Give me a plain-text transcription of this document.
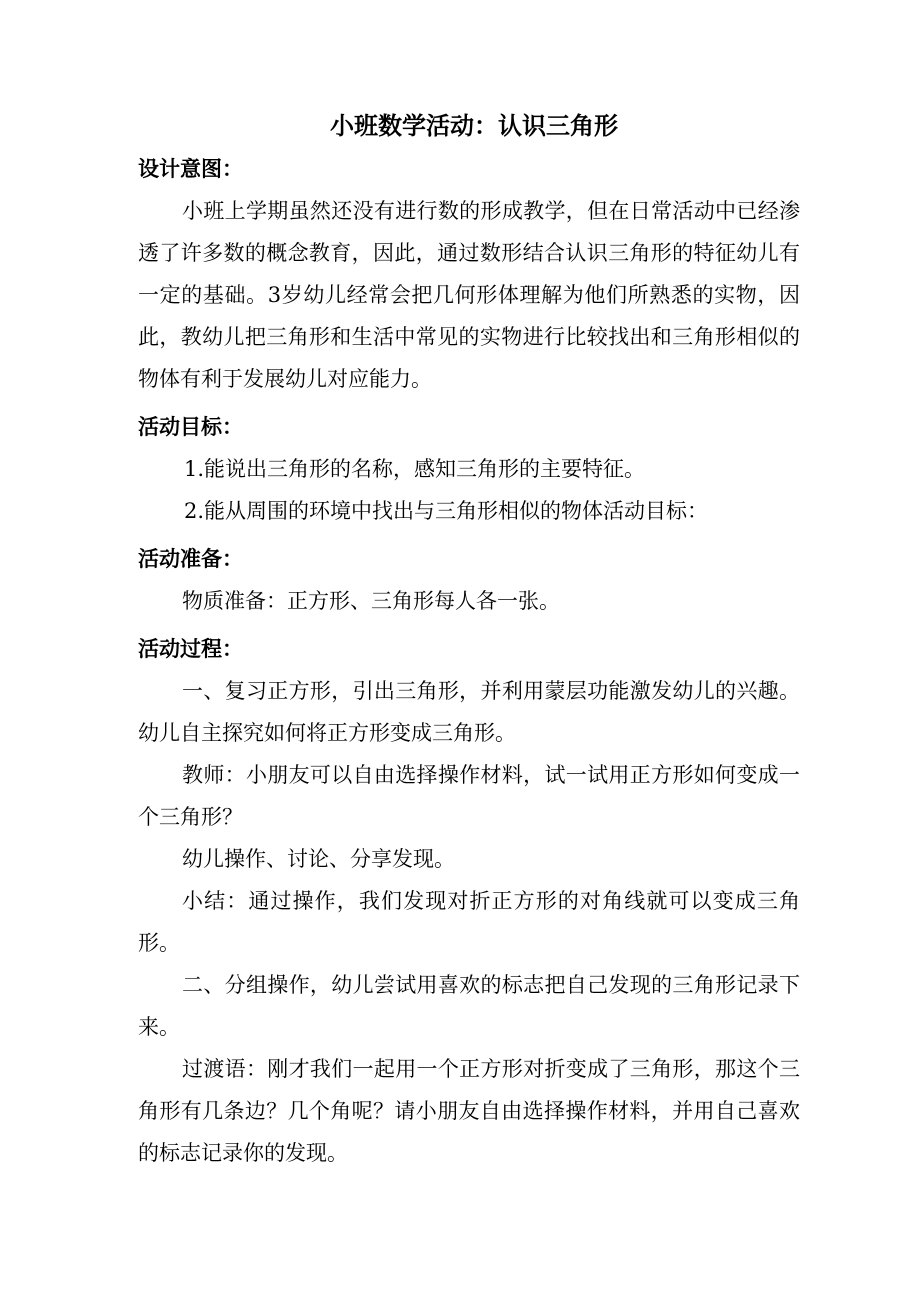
小班数学活动：认识三角形
设计意图：

小班上学期虽然还没有进行数的形成教学，但在日常活动中已经渗透了许多数的概念教育，因此，通过数形结合认识三角形的特征幼儿有一定的基础。3岁幼儿经常会把几何形体理解为他们所熟悉的实物，因此，教幼儿把三角形和生活中常见的实物进行比较找出和三角形相似的物体有利于发展幼儿对应能力。

活动目标：

1.能说出三角形的名称，感知三角形的主要特征。

2.能从周围的环境中找出与三角形相似的物体活动目标：

活动准备：

物质准备：正方形、三角形每人各一张。

活动过程：

一、复习正方形，引出三角形，并利用蒙层功能激发幼儿的兴趣。幼儿自主探究如何将正方形变成三角形。

教师：小朋友可以自由选择操作材料，试一试用正方形如何变成一个三角形？

幼儿操作、讨论、分享发现。

小结：通过操作，我们发现对折正方形的对角线就可以变成三角形。

二、分组操作，幼儿尝试用喜欢的标志把自己发现的三角形记录下来。

过渡语：刚才我们一起用一个正方形对折变成了三角形，那这个三角形有几条边？几个角呢？请小朋友自由选择操作材料，并用自己喜欢的标志记录你的发现。
